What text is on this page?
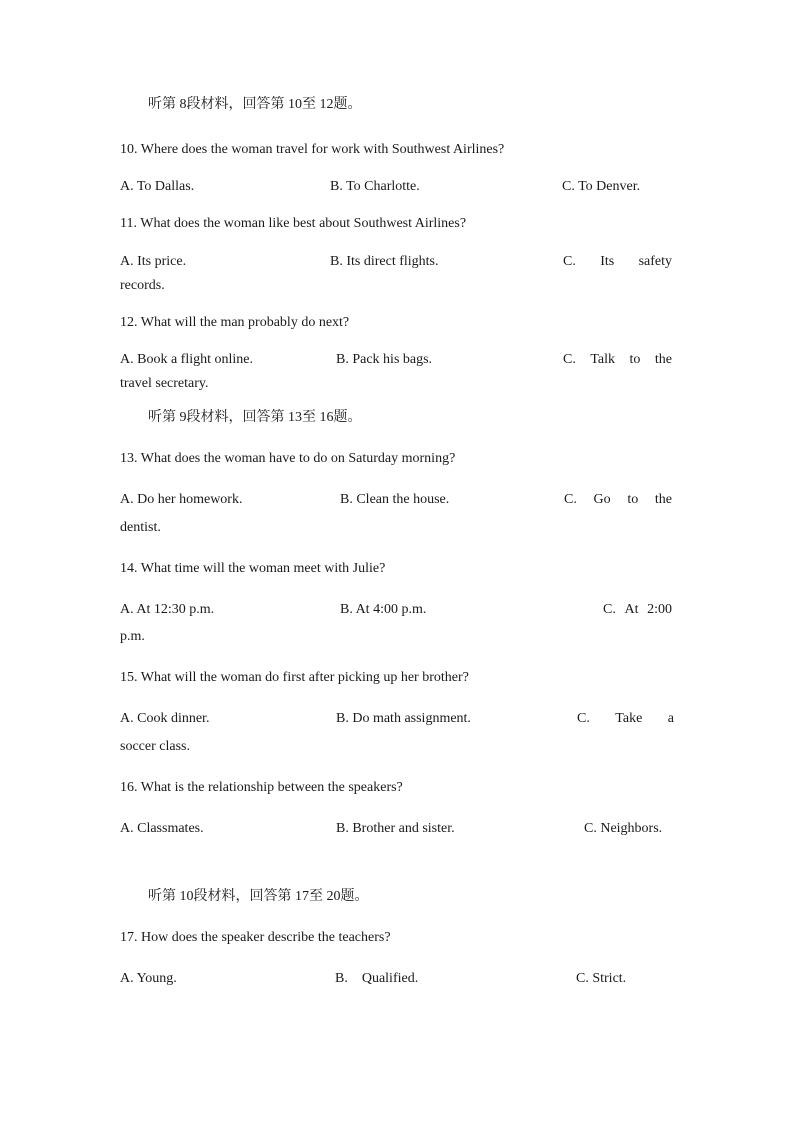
听第 8段材料，回答第 10至 12题。
10. Where does the woman travel for work with Southwest Airlines?
A. To Dallas.	B. To Charlotte.	C. To Denver.
11. What does the woman like best about Southwest Airlines?
A. Its price.	B. Its direct flights.	C. Its safety
records.
12. What will the man probably do next?
A. Book a flight online.	B. Pack his bags.	C. Talk to the
travel secretary.
听第 9段材料，回答第 13至 16题。
13. What does the woman have to do on Saturday morning?
A. Do her homework.	B. Clean the house.	C. Go to the
dentist.
14. What time will the woman meet with Julie?
A. At 12:30 p.m.	B. At 4:00 p.m.	C. At 2:00
p.m.
15. What will the woman do first after picking up her brother?
A. Cook dinner.	B. Do math assignment.	C. Take a
soccer class.
16. What is the relationship between the speakers?
A. Classmates.	B. Brother and sister.	C. Neighbors.
听第 10段材料，回答第 17至 20题。
17. How does the speaker describe the teachers?
A. Young.	B.    Qualified.	C. Strict.
